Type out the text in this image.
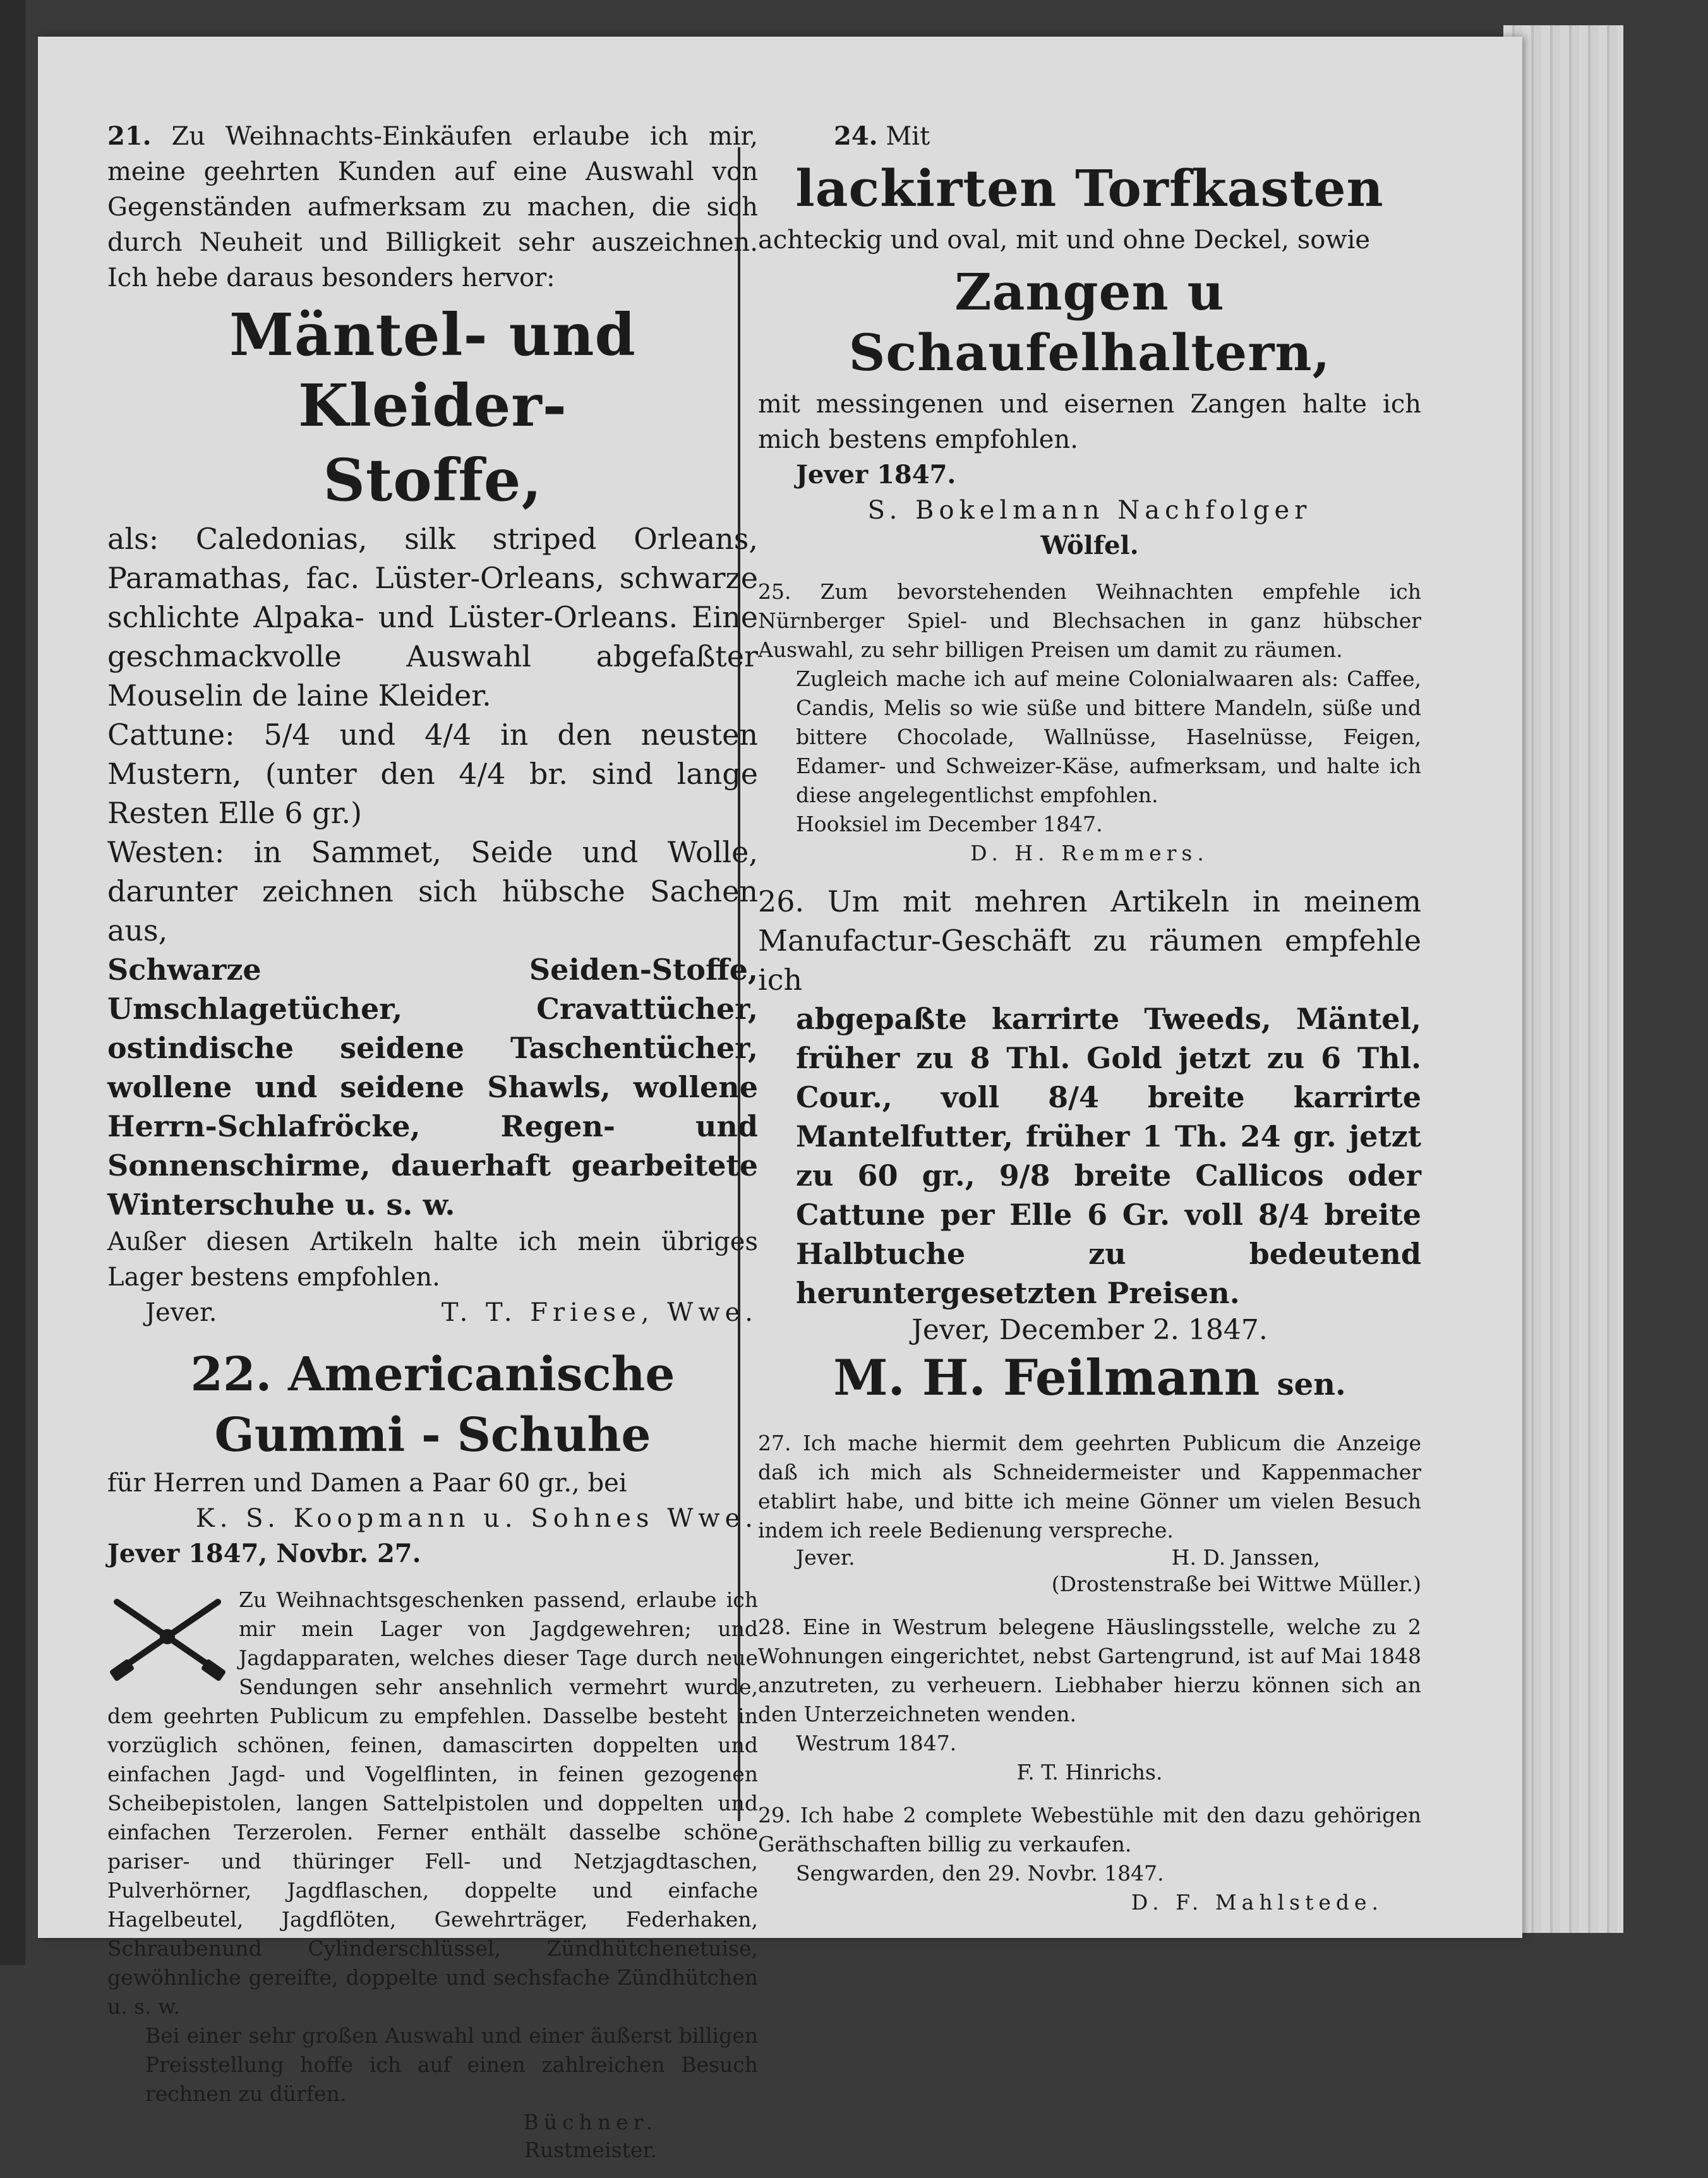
21. Zu Weihnachts-Einkäufen erlaube ich mir, meine geehrten Kunden auf eine Auswahl von Gegenständen aufmerksam zu machen, die sich durch Neuheit und Billigkeit sehr auszeichnen. Ich hebe daraus besonders hervor:

Mäntel- und Kleider-
Stoffe,

als: Caledonias, silk striped Orleans, Paramathas, fac. Lüster-Orleans, schwarze schlichte Alpaka- und Lüster-Orleans. Eine geschmackvolle Auswahl abgefaßter Mouselin de laine Kleider.

Cattune: 5/4 und 4/4 in den neusten Mustern, (unter den 4/4 br. sind lange Resten Elle 6 gr.)

Westen: in Sammet, Seide und Wolle, darunter zeichnen sich hübsche Sachen aus,

Schwarze Seiden-Stoffe, Umschlagetücher, Cravattücher, ostindische seidene Taschentücher, wollene und seidene Shawls, wollene Herrn-Schlafröcke, Regen- und Sonnenschirme, dauerhaft gearbeitete Winterschuhe u. s. w.

Außer diesen Artikeln halte ich mein übriges Lager bestens empfohlen.

Jever.	T. T. Friese, Wwe.
22. Americanische
Gummi - Schuhe

für Herren und Damen a Paar 60 gr., bei

K. S. Koopmann u. Sohnes Wwe.

Jever 1847, Novbr. 27.

Zu Weihnachtsgeschenken passend, erlaube ich mir mein Lager von Jagdgewehren; und Jagdapparaten, welches dieser Tage durch neue Sendungen sehr ansehnlich vermehrt wurde, dem geehrten Publicum zu empfehlen. Dasselbe besteht in vorzüglich schönen, feinen, damascirten doppelten und einfachen Jagd- und Vogelflinten, in feinen gezogenen Scheibepistolen, langen Sattelpistolen und doppelten und einfachen Terzerolen. Ferner enthält dasselbe schöne pariser- und thüringer Fell- und Netzjagdtaschen, Pulverhörner, Jagdflaschen, doppelte und einfache Hagelbeutel, Jagdflöten, Gewehrträger, Federhaken, Schraubenund Cylinderschlüssel, Zündhütchenetuise, gewöhnliche gereifte, doppelte und sechsfache Zündhütchen u. s. w.

Bei einer sehr großen Auswahl und einer äußerst billigen Preisstellung hoffe ich auf einen zahlreichen Besuch rechnen zu dürfen.

Büchner.
Rustmeister.

24. Mit

lackirten Torfkasten

achteckig und oval, mit und ohne Deckel, sowie

Zangen u Schaufelhaltern,

mit messingenen und eisernen Zangen halte ich mich bestens empfohlen.

Jever 1847.

S. Bokelmann Nachfolger
Wölfel.

25. Zum bevorstehenden Weihnachten empfehle ich Nürnberger Spiel- und Blechsachen in ganz hübscher Auswahl, zu sehr billigen Preisen um damit zu räumen.

Zugleich mache ich auf meine Colonialwaaren als: Caffee, Candis, Melis so wie süße und bittere Mandeln, süße und bittere Chocolade, Wallnüsse, Haselnüsse, Feigen, Edamer- und Schweizer-Käse, aufmerksam, und halte ich diese angelegentlichst empfohlen.

Hooksiel im December 1847.

D. H. Remmers.

26. Um mit mehren Artikeln in meinem Manufactur-Geschäft zu räumen empfehle ich

abgepaßte karrirte Tweeds, Mäntel, früher zu 8 Thl. Gold jetzt zu 6 Thl. Cour., voll 8/4 breite karrirte Mantelfutter, früher 1 Th. 24 gr. jetzt zu 60 gr., 9/8 breite Callicos oder Cattune per Elle 6 Gr. voll 8/4 breite Halbtuche zu bedeutend heruntergesetzten Preisen.

Jever, December 2. 1847.
M. H. Feilmann sen.

27. Ich mache hiermit dem geehrten Publicum die Anzeige daß ich mich als Schneidermeister und Kappenmacher etablirt habe, und bitte ich meine Gönner um vielen Besuch indem ich reele Bedienung verspreche.

Jever.	H. D. Janssen,
(Drostenstraße bei Wittwe Müller.)

28. Eine in Westrum belegene Häuslingsstelle, welche zu 2 Wohnungen eingerichtet, nebst Gartengrund, ist auf Mai 1848 anzutreten, zu verheuern. Liebhaber hierzu können sich an den Unterzeichneten wenden.

Westrum 1847.

F. T. Hinrichs.

29. Ich habe 2 complete Webestühle mit den dazu gehörigen Geräthschaften billig zu verkaufen.

Sengwarden, den 29. Novbr. 1847.

D. F. Mahlstede.
